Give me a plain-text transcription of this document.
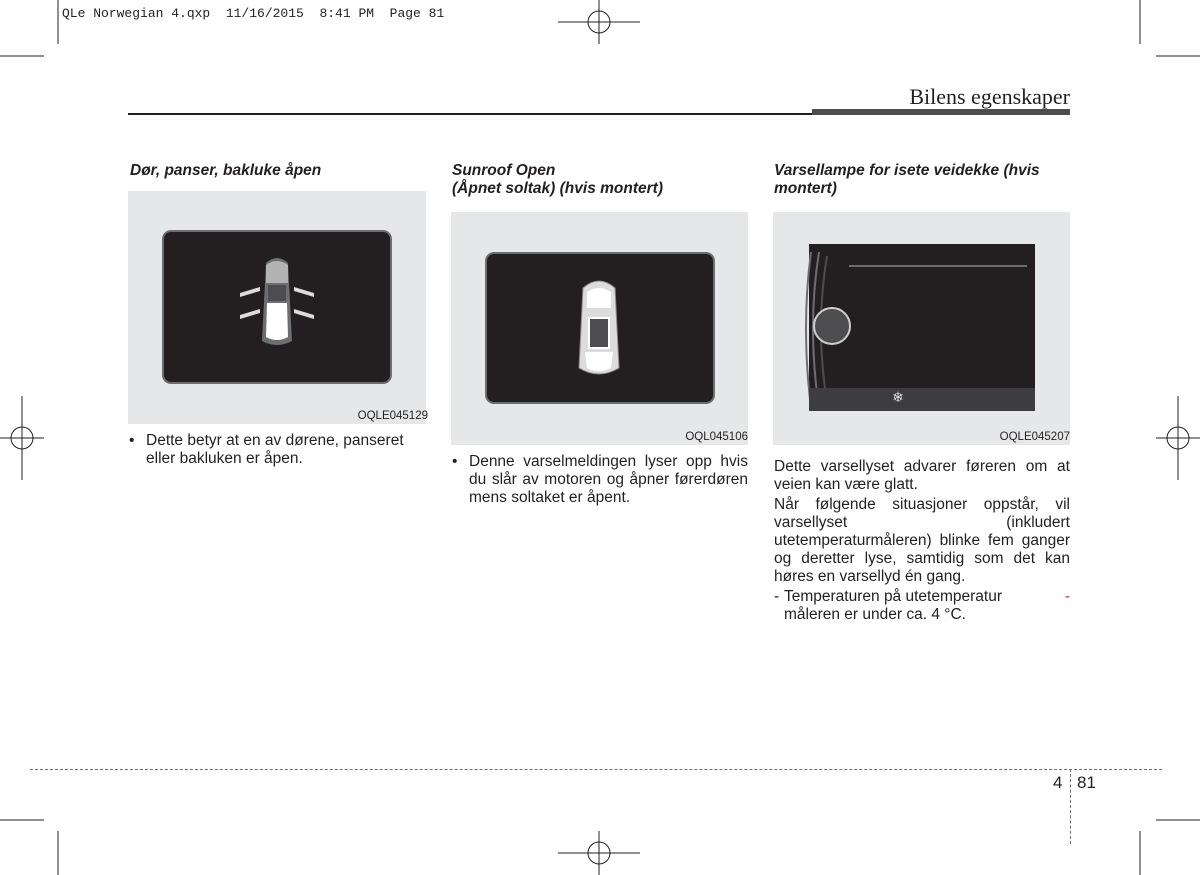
QLe Norwegian 4.qxp  11/16/2015  8:41 PM  Page 81
Bilens egenskaper
Dør, panser, bakluke åpen
OQLE045129
• Dette betyr at en av dørene, panseret eller bakluken er åpen.
Sunroof Open
(Åpnet soltak) (hvis montert)
OQL045106
• Denne varselmeldingen lyser opp hvis du slår av motoren og åpner førerdøren mens soltaket er åpent.
Varsellampe for isete veidekke (hvis
montert)
❄
OQLE045207
Dette varsellyset advarer føreren om at veien kan være glatt.
Når følgende situasjoner oppstår, vil varsellyset (inkludert utetemperaturmåleren) blinke fem ganger og deretter lyse, samtidig som det kan høres en varsellyd én gang.
- Temperaturen på utetemperatur	-
måleren er under ca. 4 °C.
4 81
